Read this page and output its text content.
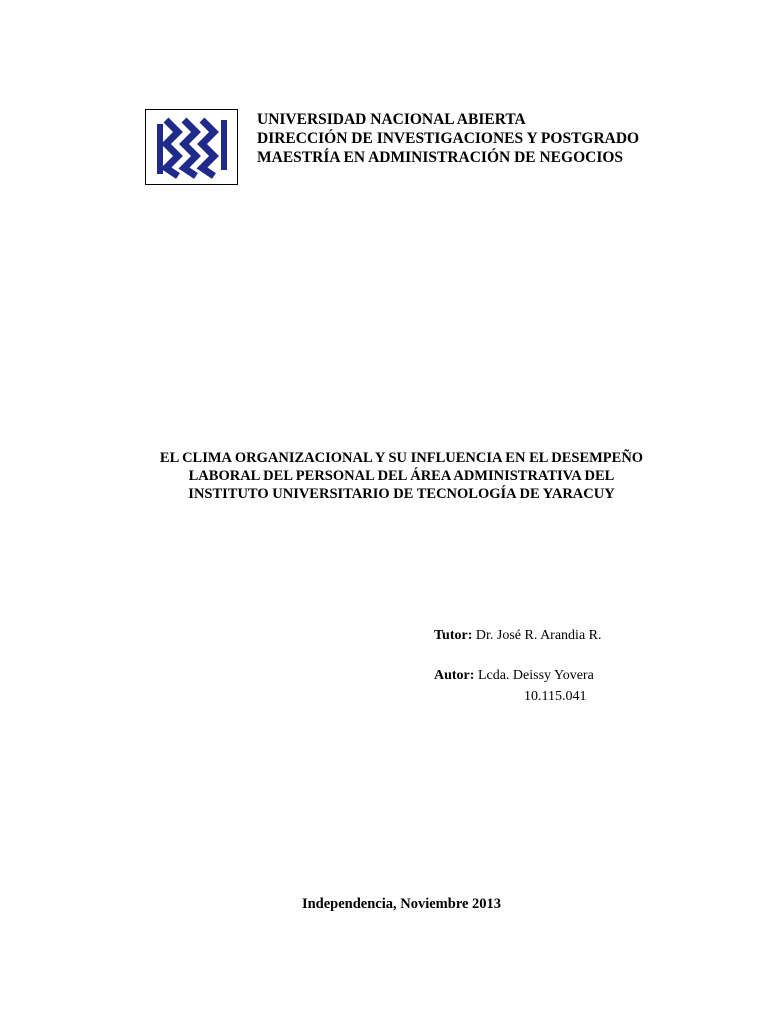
UNIVERSIDAD NACIONAL ABIERTA
DIRECCIÓN DE INVESTIGACIONES Y POSTGRADO
MAESTRÍA EN ADMINISTRACIÓN DE NEGOCIOS
EL CLIMA ORGANIZACIONAL Y SU INFLUENCIA EN EL DESEMPEÑO
LABORAL DEL PERSONAL DEL ÁREA ADMINISTRATIVA DEL
INSTITUTO UNIVERSITARIO DE TECNOLOGÍA DE YARACUY
Tutor: Dr. José R. Arandia R.
Autor: Lcda. Deissy Yovera
10.115.041
Independencia, Noviembre 2013
